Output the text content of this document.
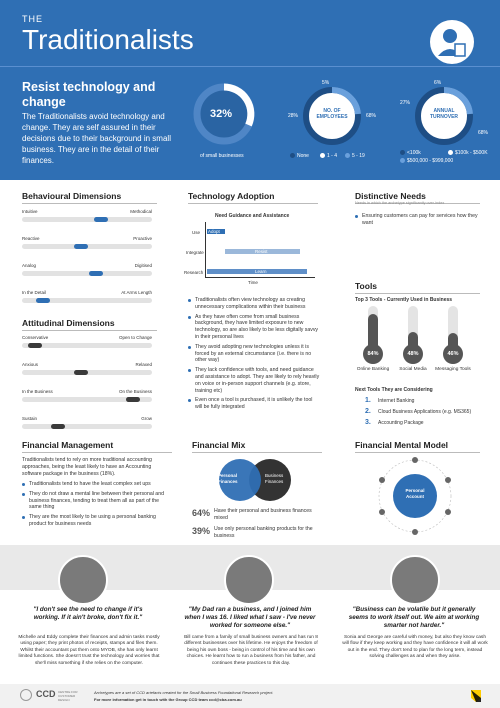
THE
Traditionalists
Resist technology and change
The Traditionalists avoid technology and change. They are self assured in their decisions due to their background in small business. They are in the detail of their finances.
32%
of small businesses
NO. OF EMPLOYEES
5%
28%	68%
None	1 - 4	5 - 19
ANNUAL TURNOVER
6%
27%
68%
<100k	$100k - $500K
$500,000 - $999,000
Behavioural Dimensions
Intuitive	Methodical
Reactive	Proactive
Analog	Digitised
In the Detail	At Arms Length
Attitudinal Dimensions
Conservative	Open to Change
Anxious	Relaxed
In the Business	On the Business
Sustain	Grow
Technology Adoption
Need Guidance and Assistance
Use
Integrate
Research
Adopt
Resist
Learn
Time
Traditionalists often view technology as creating unnecessary complications within their business
As they have often come from small business background, they have limited exposure to new technology, so are also likely to be less digitally savvy in their personal lives
They avoid adopting new technologies unless it is forced by an external circumstance (i.e. there is no other way)
They lack confidence with tools, and need guidance and assistance to adopt. They are likely to rely heavily on voice or in-person support channels (e.g. store, training etc)
Even once a tool is purchased, it is unlikely the tool will be fully integrated
Distinctive Needs
Needs in which the archetype significantly over-index
Ensuring customers can pay for services how they want
Tools
Top 3 Tools - Currently Used in Business
84%
Online Banking
48%
Social Media
46%
Messaging Tools
Next Tools They are Considering
1. Internet Banking
2. Cloud Business Applications (e.g. MS365)
3. Accounting Package
Financial Management
Traditionalists tend to rely on more traditional accounting approaches, being the least likely to have an Accounting software package in the business (18%).
Traditionalists tend to have the least complex set ups
They do not draw a mental line between their personal and business finances, tending to treat them all as part of the same thing
They are the most likely to be using a personal banking product for business needs
Financial Mix
Personal Finances
Business Finances
64% Have their personal and business finances mixed
39% Use only personal banking products for the business
Financial Mental Model
Personal Account
"I don't see the need to change if it's working. If it ain't broke, don't fix it."
Michelle and Eddy complete their finances and admin tasks mostly using paper; they print photos of receipts, stamps and files them. Whilst their accountant put them onto MYOB, she has only learnt limited functions. She doesn't trust the technology and worries that she'll miss something if she relies on the computer.
"My Dad ran a business, and I joined him when I was 16. I liked what I saw - I've never worked for someone else."
Bill came from a family of small business owners and has run 8 different businesses over his lifetime. He enjoys the freedom of being his own boss - being in control of his time and his own choices. He learnt how to run a business from his father, and continues these practices to this day.
"Business can be volatile but it generally seems to work itself out. We aim at working smarter not harder."
Sonia and George are careful with money, but also they know cash will flow if they keep working and they have confidence it will all work out in the end. They don't tend to plan for the long term, instead solving challenges as and when they arise.
CCD CENTRE FOR CUSTOMER DESIGN
Archetypes are a set of CCD artefacts created for the Small Business Foundational Research project.
For more information get in touch with the Group CCD team ccd@cba.com.au
